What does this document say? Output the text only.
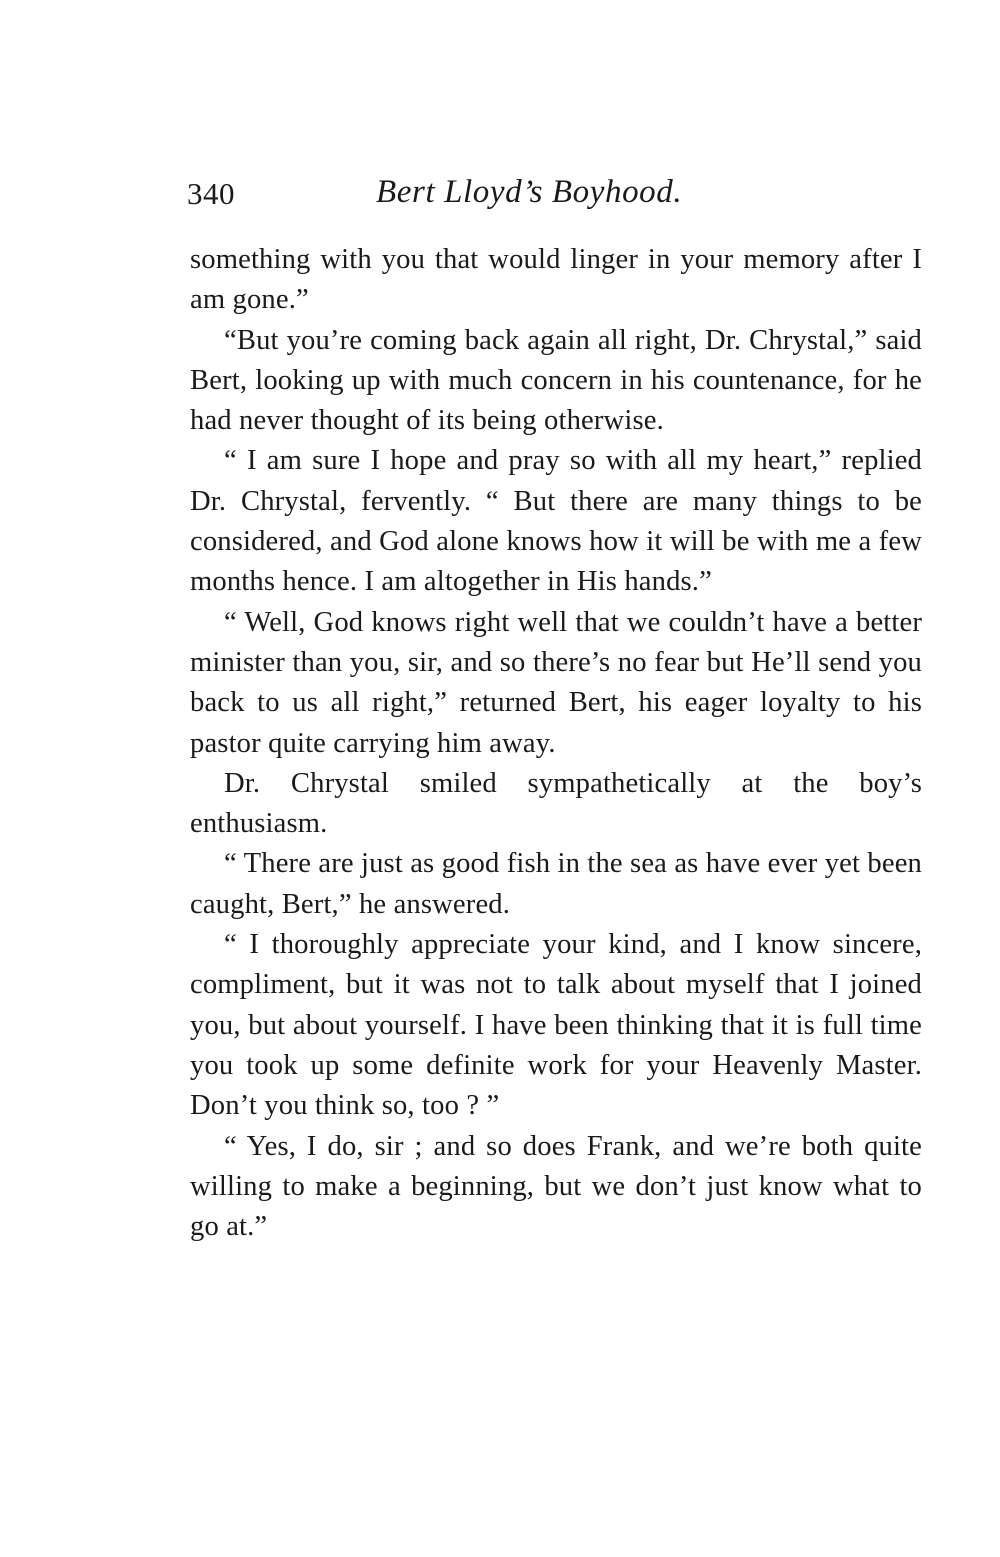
340	Bert Lloyd’s Boyhood.

something with you that would linger in your memory after I am gone.”

“But you’re coming back again all right, Dr. Chrystal,” said Bert, looking up with much concern in his countenance, for he had never thought of its being otherwise.

“ I am sure I hope and pray so with all my heart,” replied Dr. Chrystal, fervently. “ But there are many things to be considered, and God alone knows how it will be with me a few months hence. I am altogether in His hands.”

“ Well, God knows right well that we couldn’t have a better minister than you, sir, and so there’s no fear but He’ll send you back to us all right,” returned Bert, his eager loyalty to his pastor quite carrying him away.

Dr. Chrystal smiled sympathetically at the boy’s enthusiasm.

“ There are just as good fish in the sea as have ever yet been caught, Bert,” he answered.

“ I thoroughly appreciate your kind, and I know sincere, compliment, but it was not to talk about myself that I joined you, but about yourself. I have been thinking that it is full time you took up some definite work for your Heavenly Master. Don’t you think so, too ? ”

“ Yes, I do, sir ; and so does Frank, and we’re both quite willing to make a beginning, but we don’t just know what to go at.”
